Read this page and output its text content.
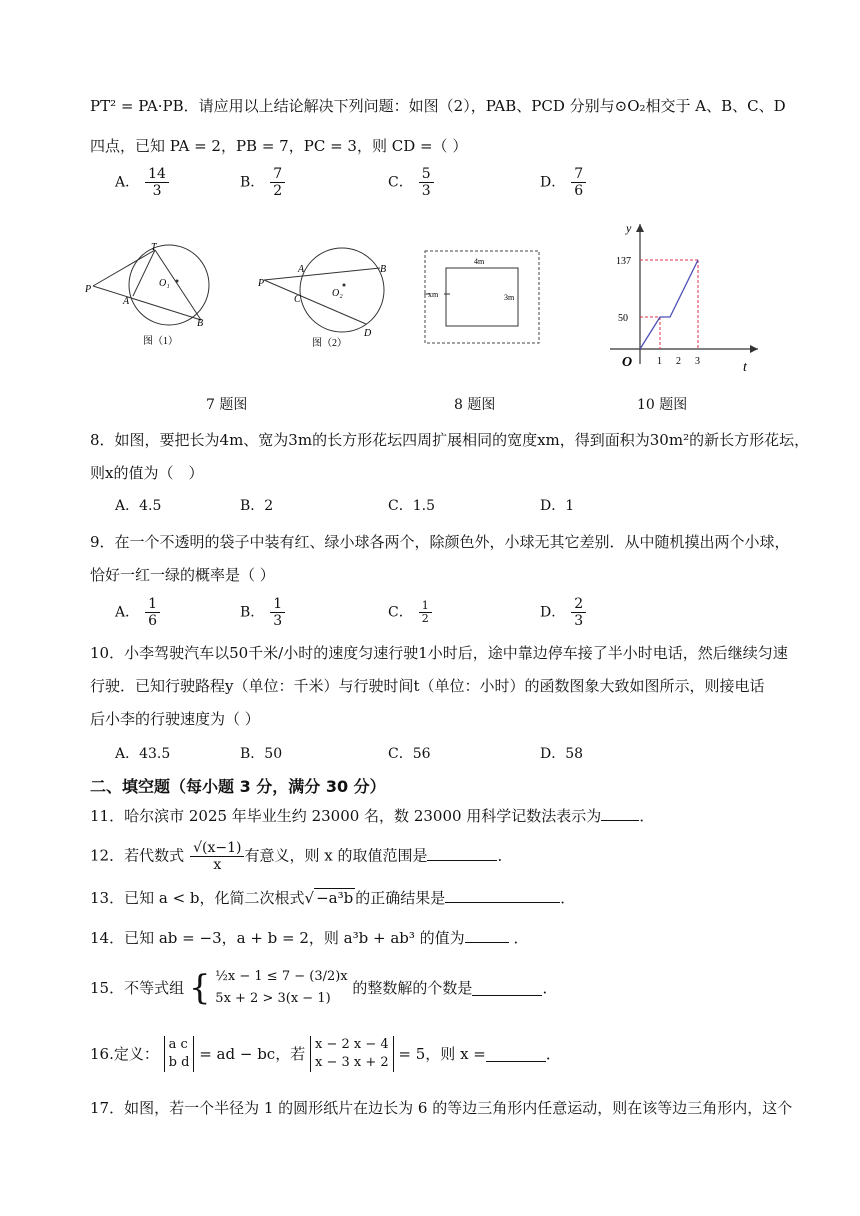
PT² = PA·PB．请应用以上结论解决下列问题：如图（2），PAB、PCD 分别与⊙O₂相交于 A、B、C、D
四点，已知 PA = 2，PB = 7，PC = 3，则 CD =（ ）
A． $\frac{14}{3}$	B． $\frac{7}{2}$	C． $\frac{5}{3}$	D． $\frac{7}{6}$
T
P
A
O₁
B
图（1）
A	B
P
C
O₂
D
图（2）
4m
xm	3m
y
t
O
137
50
1 2 3
7 题图	8 题图	10 题图
8．如图，要把长为4m、宽为3m的长方形花坛四周扩展相同的宽度xm，得到面积为30m²的新长方形花坛，
则x的值为（　）
A．4.5	B．2	C．1.5	D．1
9．在一个不透明的袋子中装有红、绿小球各两个，除颜色外，小球无其它差别．从中随机摸出两个小球，
恰好一红一绿的概率是（ ）
A． $\frac{1}{6}$	B． $\frac{1}{3}$	C． $\frac{1}{2}$	D． $\frac{2}{3}$
10．小李驾驶汽车以50千米/小时的速度匀速行驶1小时后，途中靠边停车接了半小时电话，然后继续匀速
行驶．已知行驶路程y（单位：千米）与行驶时间t（单位：小时）的函数图象大致如图所示，则接电话
后小李的行驶速度为（ ）
A．43.5	B．50	C．56	D．58
二、填空题（每小题 3 分，满分 30 分）
11．哈尔滨市 2025 年毕业生约 23000 名，数 23000 用科学记数法表示为	．
12．若代数式 $\frac{√(x-1)}{x}$ 有意义，则 x 的取值范围是	．
13．已知 a < b，化简二次根式√ −a³b 的正确结果是	．
14．已知 ab = −3，a + b = 2，则 a³b + ab³ 的值为	．
15．不等式组 { ½x − 1 ≤ 7 − (3/2)x
5x + 2 > 3(x − 1)
的整数解的个数是	．
16.定义：
a c
b d = ad − bc，若
x − 2 x − 4
x − 3 x + 2 = 5，则 x =	．
17．如图，若一个半径为 1 的圆形纸片在边长为 6 的等边三角形内任意运动，则在该等边三角形内，这个
